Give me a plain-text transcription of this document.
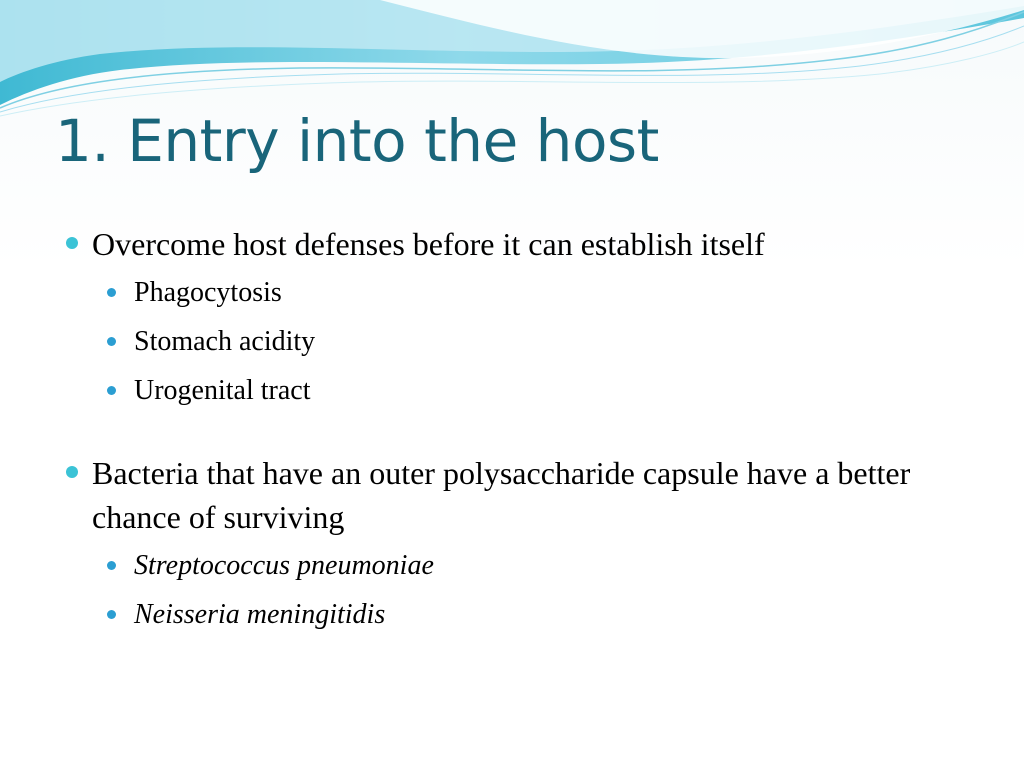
1. Entry into the host
Overcome host defenses before it can establish itself
Phagocytosis
Stomach acidity
Urogenital tract
Bacteria that have an outer polysaccharide capsule have a better chance of surviving
Streptococcus pneumoniae
Neisseria meningitidis
